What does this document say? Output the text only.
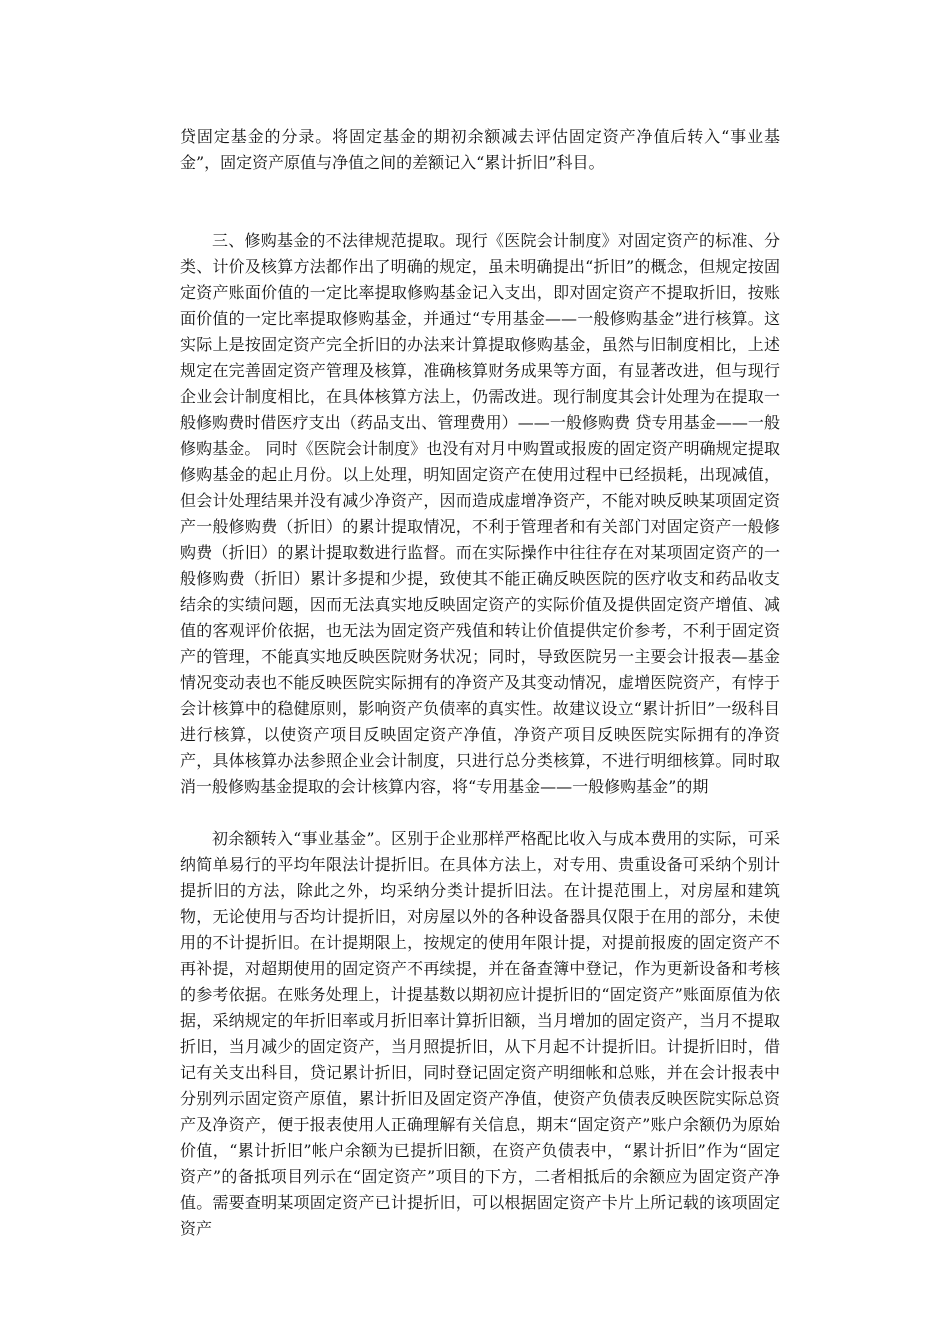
贷固定基金的分录。将固定基金的期初余额减去评估固定资产净值后转入“事业基金”，固定资产原值与净值之间的差额记入“累计折旧”科目。

三、修购基金的不法律规范提取。现行《医院会计制度》对固定资产的标准、分类、计价及核算方法都作出了明确的规定，虽未明确提出“折旧”的概念，但规定按固定资产账面价值的一定比率提取修购基金记入支出，即对固定资产不提取折旧，按账面价值的一定比率提取修购基金，并通过“专用基金——一般修购基金”进行核算。这实际上是按固定资产完全折旧的办法来计算提取修购基金，虽然与旧制度相比，上述规定在完善固定资产管理及核算，准确核算财务成果等方面，有显著改进，但与现行企业会计制度相比，在具体核算方法上，仍需改进。现行制度其会计处理为在提取一般修购费时借医疗支出（药品支出、管理费用）——一般修购费 贷专用基金——一般修购基金。 同时《医院会计制度》也没有对月中购置或报废的固定资产明确规定提取修购基金的起止月份。以上处理，明知固定资产在使用过程中已经损耗，出现减值，但会计处理结果并没有减少净资产，因而造成虚增净资产，不能对映反映某项固定资产一般修购费（折旧）的累计提取情况，不利于管理者和有关部门对固定资产一般修购费（折旧）的累计提取数进行监督。而在实际操作中往往存在对某项固定资产的一般修购费（折旧）累计多提和少提，致使其不能正确反映医院的医疗收支和药品收支结余的实绩问题，因而无法真实地反映固定资产的实际价值及提供固定资产增值、减值的客观评价依据，也无法为固定资产残值和转让价值提供定价参考，不利于固定资产的管理，不能真实地反映医院财务状况；同时，导致医院另一主要会计报表—基金情况变动表也不能反映医院实际拥有的净资产及其变动情况，虚增医院资产，有悖于会计核算中的稳健原则，影响资产负债率的真实性。故建议设立“累计折旧”一级科目进行核算，以使资产项目反映固定资产净值，净资产项目反映医院实际拥有的净资产，具体核算办法参照企业会计制度，只进行总分类核算，不进行明细核算。同时取消一般修购基金提取的会计核算内容，将“专用基金——一般修购基金”的期

初余额转入“事业基金”。区别于企业那样严格配比收入与成本费用的实际，可采纳简单易行的平均年限法计提折旧。在具体方法上，对专用、贵重设备可采纳个别计提折旧的方法，除此之外，均采纳分类计提折旧法。在计提范围上，对房屋和建筑物，无论使用与否均计提折旧，对房屋以外的各种设备器具仅限于在用的部分，未使用的不计提折旧。在计提期限上，按规定的使用年限计提，对提前报废的固定资产不再补提，对超期使用的固定资产不再续提，并在备查簿中登记，作为更新设备和考核的参考依据。在账务处理上，计提基数以期初应计提折旧的“固定资产”账面原值为依据，采纳规定的年折旧率或月折旧率计算折旧额，当月增加的固定资产，当月不提取折旧，当月减少的固定资产，当月照提折旧，从下月起不计提折旧。计提折旧时，借记有关支出科目，贷记累计折旧，同时登记固定资产明细帐和总账，并在会计报表中分别列示固定资产原值，累计折旧及固定资产净值，使资产负债表反映医院实际总资产及净资产，便于报表使用人正确理解有关信息，期末“固定资产”账户余额仍为原始价值，“累计折旧”帐户余额为已提折旧额，在资产负债表中，“累计折旧”作为“固定资产”的备抵项目列示在“固定资产”项目的下方，二者相抵后的余额应为固定资产净值。需要查明某项固定资产已计提折旧，可以根据固定资产卡片上所记载的该项固定资产
